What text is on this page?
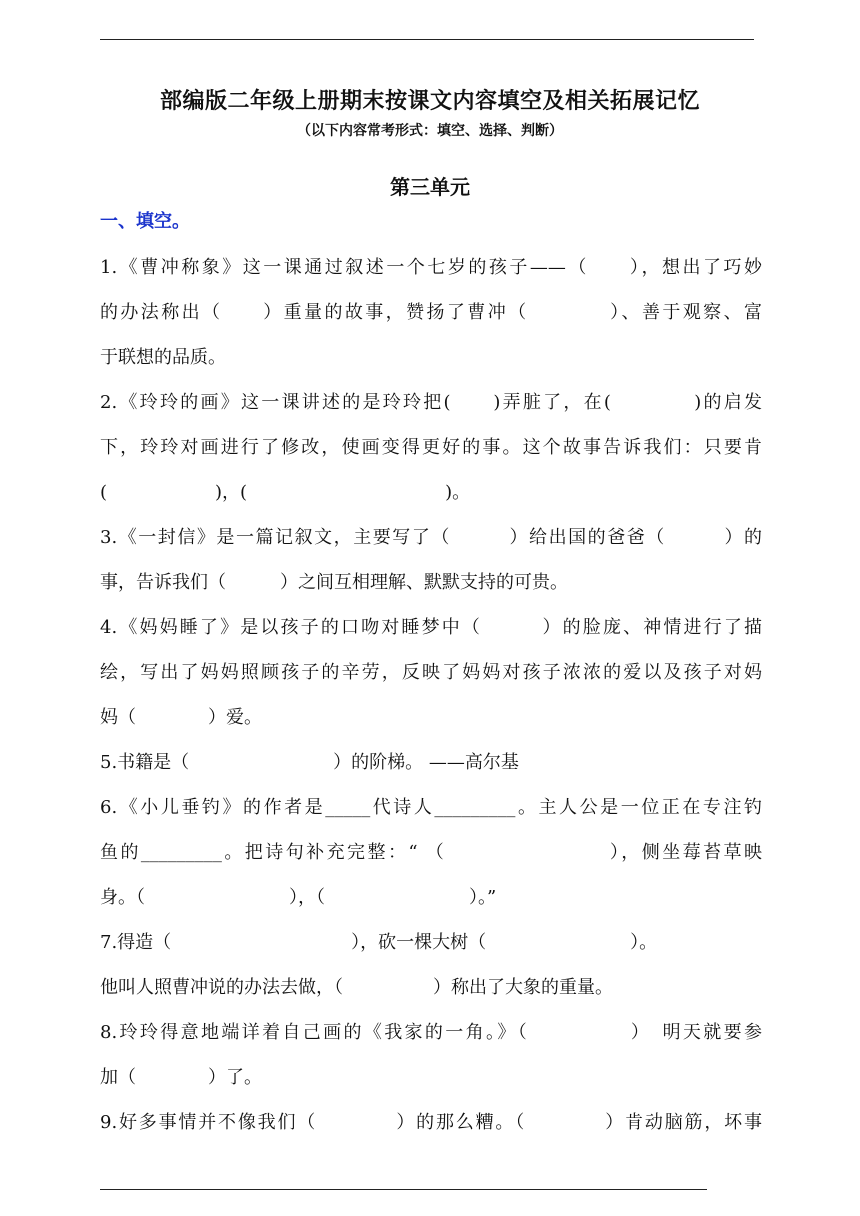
部编版二年级上册期末按课文内容填空及相关拓展记忆
（以下内容常考形式：填空、选择、判断）
第三单元
一、填空。
1.《曹冲称象》这一课通过叙述一个七岁的孩子——（　　），想出了巧妙
的办法称出（　　）重量的故事，赞扬了曹冲（　　　　）、善于观察、富
于联想的品质。
2.《玲玲的画》这一课讲述的是玲玲把(　　)弄脏了，在(　　　　)的启发
下，玲玲对画进行了修改，使画变得更好的事。这个故事告诉我们：只要肯
(　　　　　　)，(　　　　　　　　　　　)。
3.《一封信》是一篇记叙文，主要写了（　　　）给出国的爸爸（　　　）的
事，告诉我们（　　　）之间互相理解、默默支持的可贵。
4.《妈妈睡了》是以孩子的口吻对睡梦中（　　　）的脸庞、神情进行了描
绘，写出了妈妈照顾孩子的辛劳，反映了妈妈对孩子浓浓的爱以及孩子对妈
妈（　　　　）爱。
5.书籍是（　　　　　　　　）的阶梯。 ——高尔基
6.《小儿垂钓》的作者是_____代诗人_________。主人公是一位正在专注钓
鱼的_________。把诗句补充完整：“ （　　　　　　　　），侧坐莓苔草映
身。（　　　　　　　　），（　　　　　　　　）。”
7.得造（　　　　　　　　　　），砍一棵大树（　　　　　　　　）。
他叫人照曹冲说的办法去做，（　　　　　）称出了大象的重量。
8.玲玲得意地端详着自己画的《我家的一角。》（　　　　　）　明天就要参
加（　　　　）了。
9.好多事情并不像我们（　　　　）的那么糟。（　　　　）肯动脑筋，坏事
